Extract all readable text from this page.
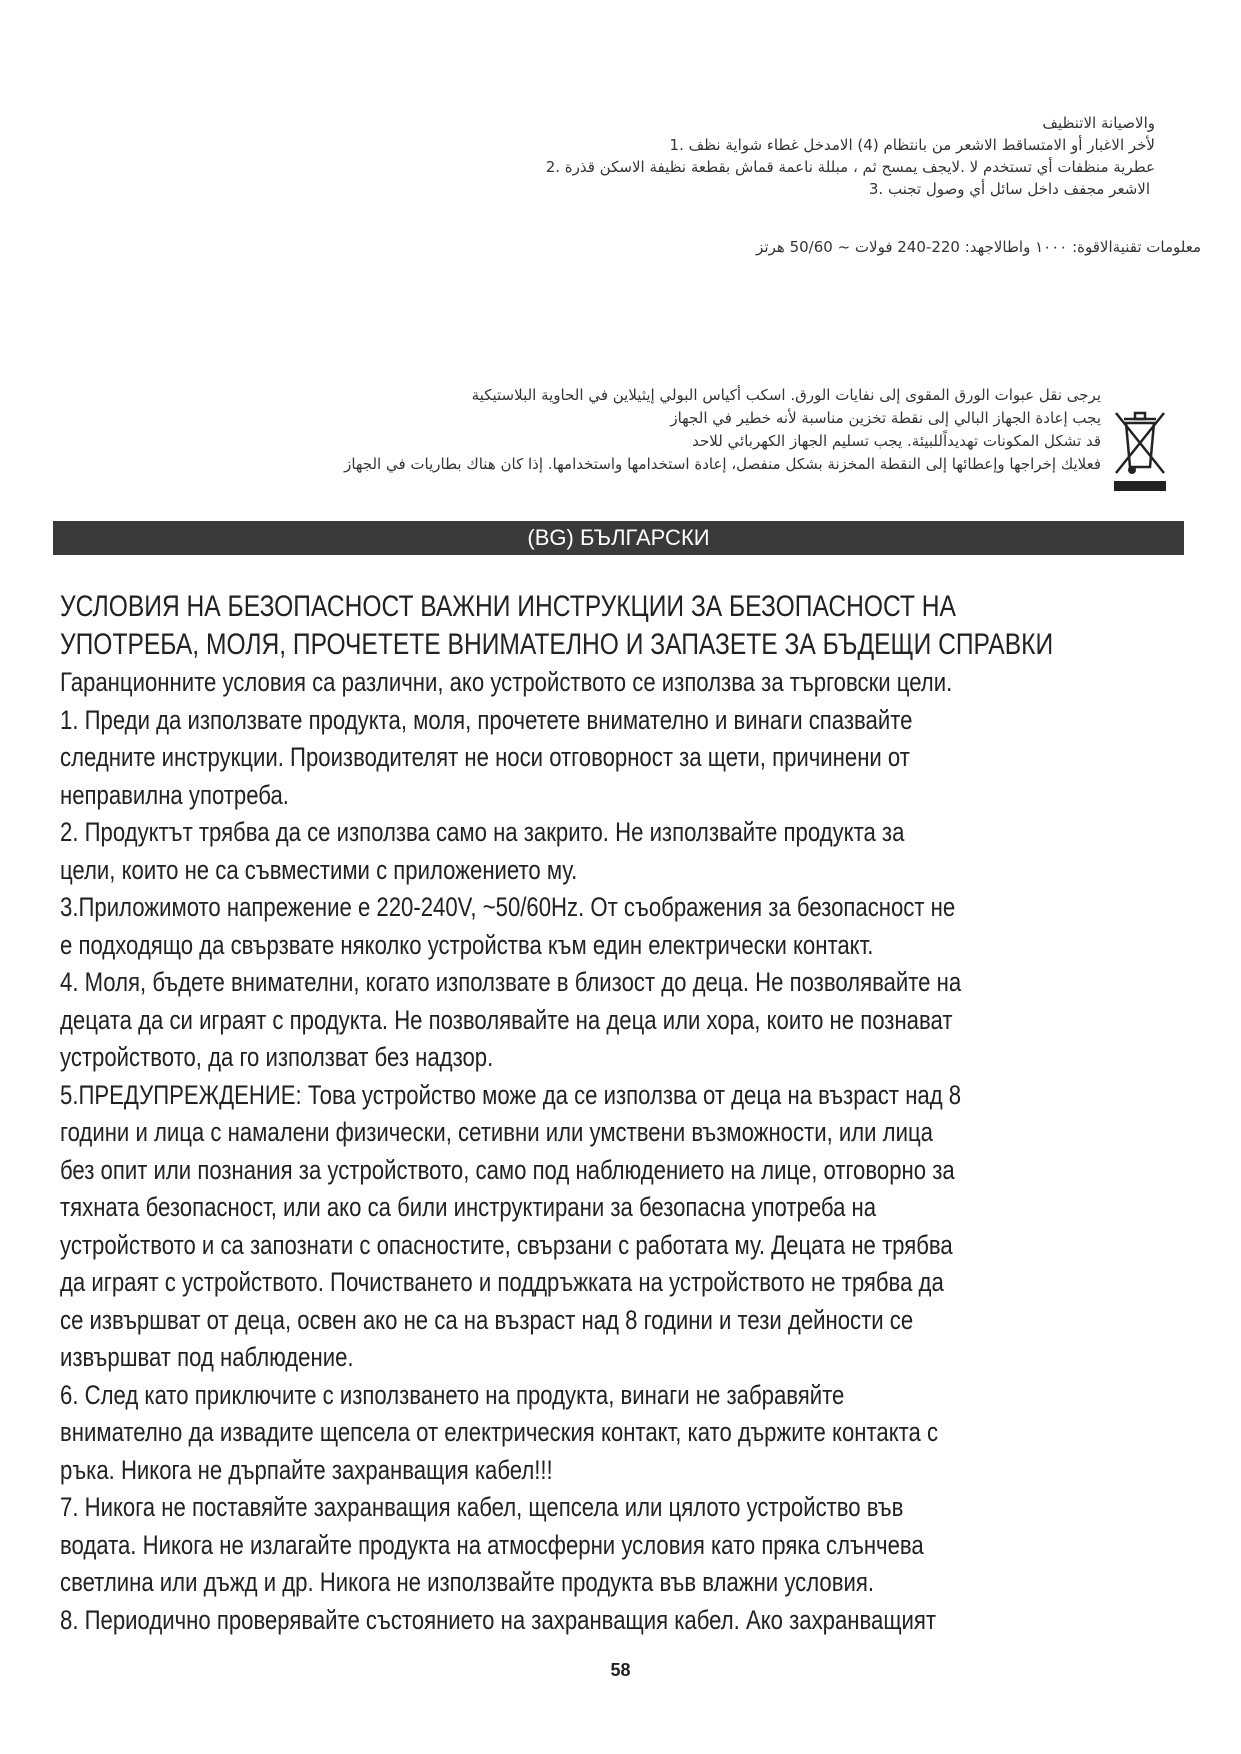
والاصيانة الاتنظيف
لأخر الاغبار أو الامتساقط الاشعر من بانتظام (4) الامدخل غطاء شواية نظف .1
عطرية منظفات أي تستخدم لا .لايجف يمسح ثم ، مبللة ناعمة قماش بقطعة نظيفة الاسكن قذرة .2
الاشعر مجفف داخل سائل أي وصول تجنب .3
معلومات تقنيةالاقوة: ١٠٠٠ واطالاجهد: 220-240 فولات ~ 50/60 هرتز
يرجى نقل عبوات الورق المقوى إلى نفايات الورق. اسكب أكياس البولي إيثيلاين في الحاوية البلاستيكية
يجب إعادة الجهاز البالي إلى نقطة تخزين مناسبة لأنه خطير في الجهاز
قد تشكل المكونات تهديداًللبيئة. يجب تسليم الجهاز الكهربائي للاحد
فعلايك إخراجها وإعطائها إلى النقطة المخزنة بشكل منفصل، إعادة استخدامها واستخدامها. إذا كان هناك بطاريات في الجهاز
(BG) БЪЛГАРСКИ

УСЛОВИЯ НА БЕЗОПАСНОСТ ВАЖНИ ИНСТРУКЦИИ ЗА БЕЗОПАСНОСТ НА

УПОТРЕБА, МОЛЯ, ПРОЧЕТЕТЕ ВНИМАТЕЛНО И ЗАПАЗЕТЕ ЗА БЪДЕЩИ СПРАВКИ

Гаранционните условия са различни, ако устройството се използва за търговски цели.

1. Преди да използвате продукта, моля, прочетете внимателно и винаги спазвайте

следните инструкции. Производителят не носи отговорност за щети, причинени от

неправилна употреба.

2. Продуктът трябва да се използва само на закрито. Не използвайте продукта за

цели, които не са съвместими с приложението му.

3.Приложимото напрежение е 220-240V, ~50/60Hz. От съображения за безопасност не

е подходящо да свързвате няколко устройства към един електрически контакт.

4. Моля, бъдете внимателни, когато използвате в близост до деца. Не позволявайте на

децата да си играят с продукта. Не позволявайте на деца или хора, които не познават

устройството, да го използват без надзор.

5.ПРЕДУПРЕЖДЕНИЕ: Това устройство може да се използва от деца на възраст над 8

години и лица с намалени физически, сетивни или умствени възможности, или лица

без опит или познания за устройството, само под наблюдението на лице, отговорно за

тяхната безопасност, или ако са били инструктирани за безопасна употреба на

устройството и са запознати с опасностите, свързани с работата му. Децата не трябва

да играят с устройството. Почистването и поддръжката на устройството не трябва да

се извършват от деца, освен ако не са на възраст над 8 години и тези дейности се

извършват под наблюдение.

6. След като приключите с използването на продукта, винаги не забравяйте

внимателно да извадите щепсела от електрическия контакт, като държите контакта с

ръка. Никога не дърпайте захранващия кабел!!!

7. Никога не поставяйте захранващия кабел, щепсела или цялото устройство във

водата. Никога не излагайте продукта на атмосферни условия като пряка слънчева

светлина или дъжд и др. Никога не използвайте продукта във влажни условия.

8. Периодично проверявайте състоянието на захранващия кабел. Ако захранващият

58
